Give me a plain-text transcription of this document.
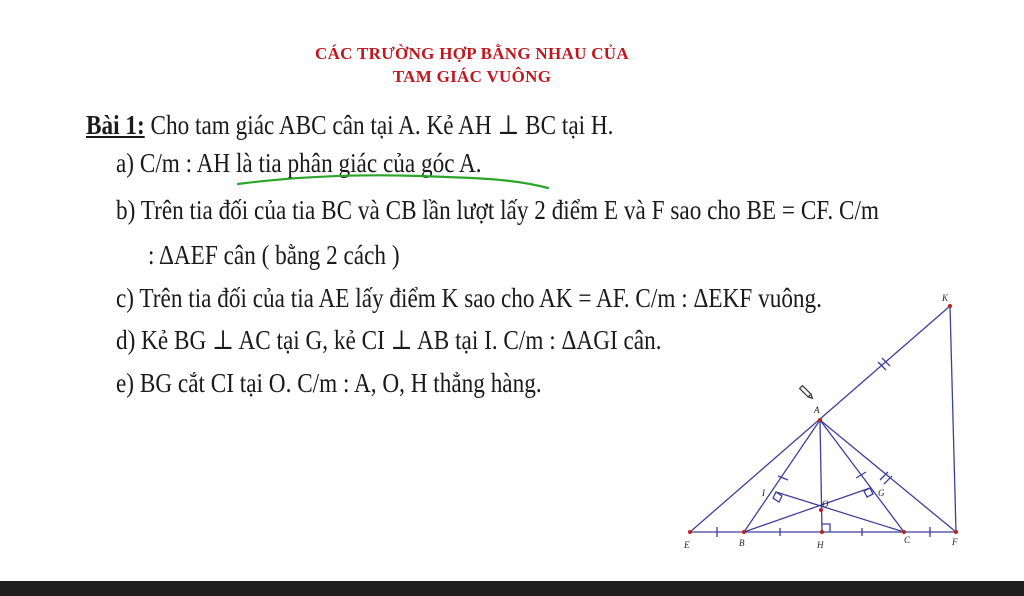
CÁC TRƯỜNG HỢP BẰNG NHAU CỦA
TAM GIÁC VUÔNG
Bài 1: Cho tam giác ABC cân tại A. Kẻ AH ⊥ BC tại H.
a) C/m : AH là tia phân giác của góc A.
b) Trên tia đối của tia BC và CB lần lượt lấy 2 điểm E và F sao cho BE = CF. C/m
: ΔAEF cân ( bằng 2 cách )
c) Trên tia đối của tia AE lấy điểm K sao cho AK = AF. C/m : ΔEKF vuông.
d) Kẻ BG ⊥ AC tại G, kẻ CI ⊥ AB tại I. C/m : ΔAGI cân.
e) BG cắt CI tại O. C/m : A, O, H thẳng hàng.
A
B	C
E	F
H
I	G
O
K
